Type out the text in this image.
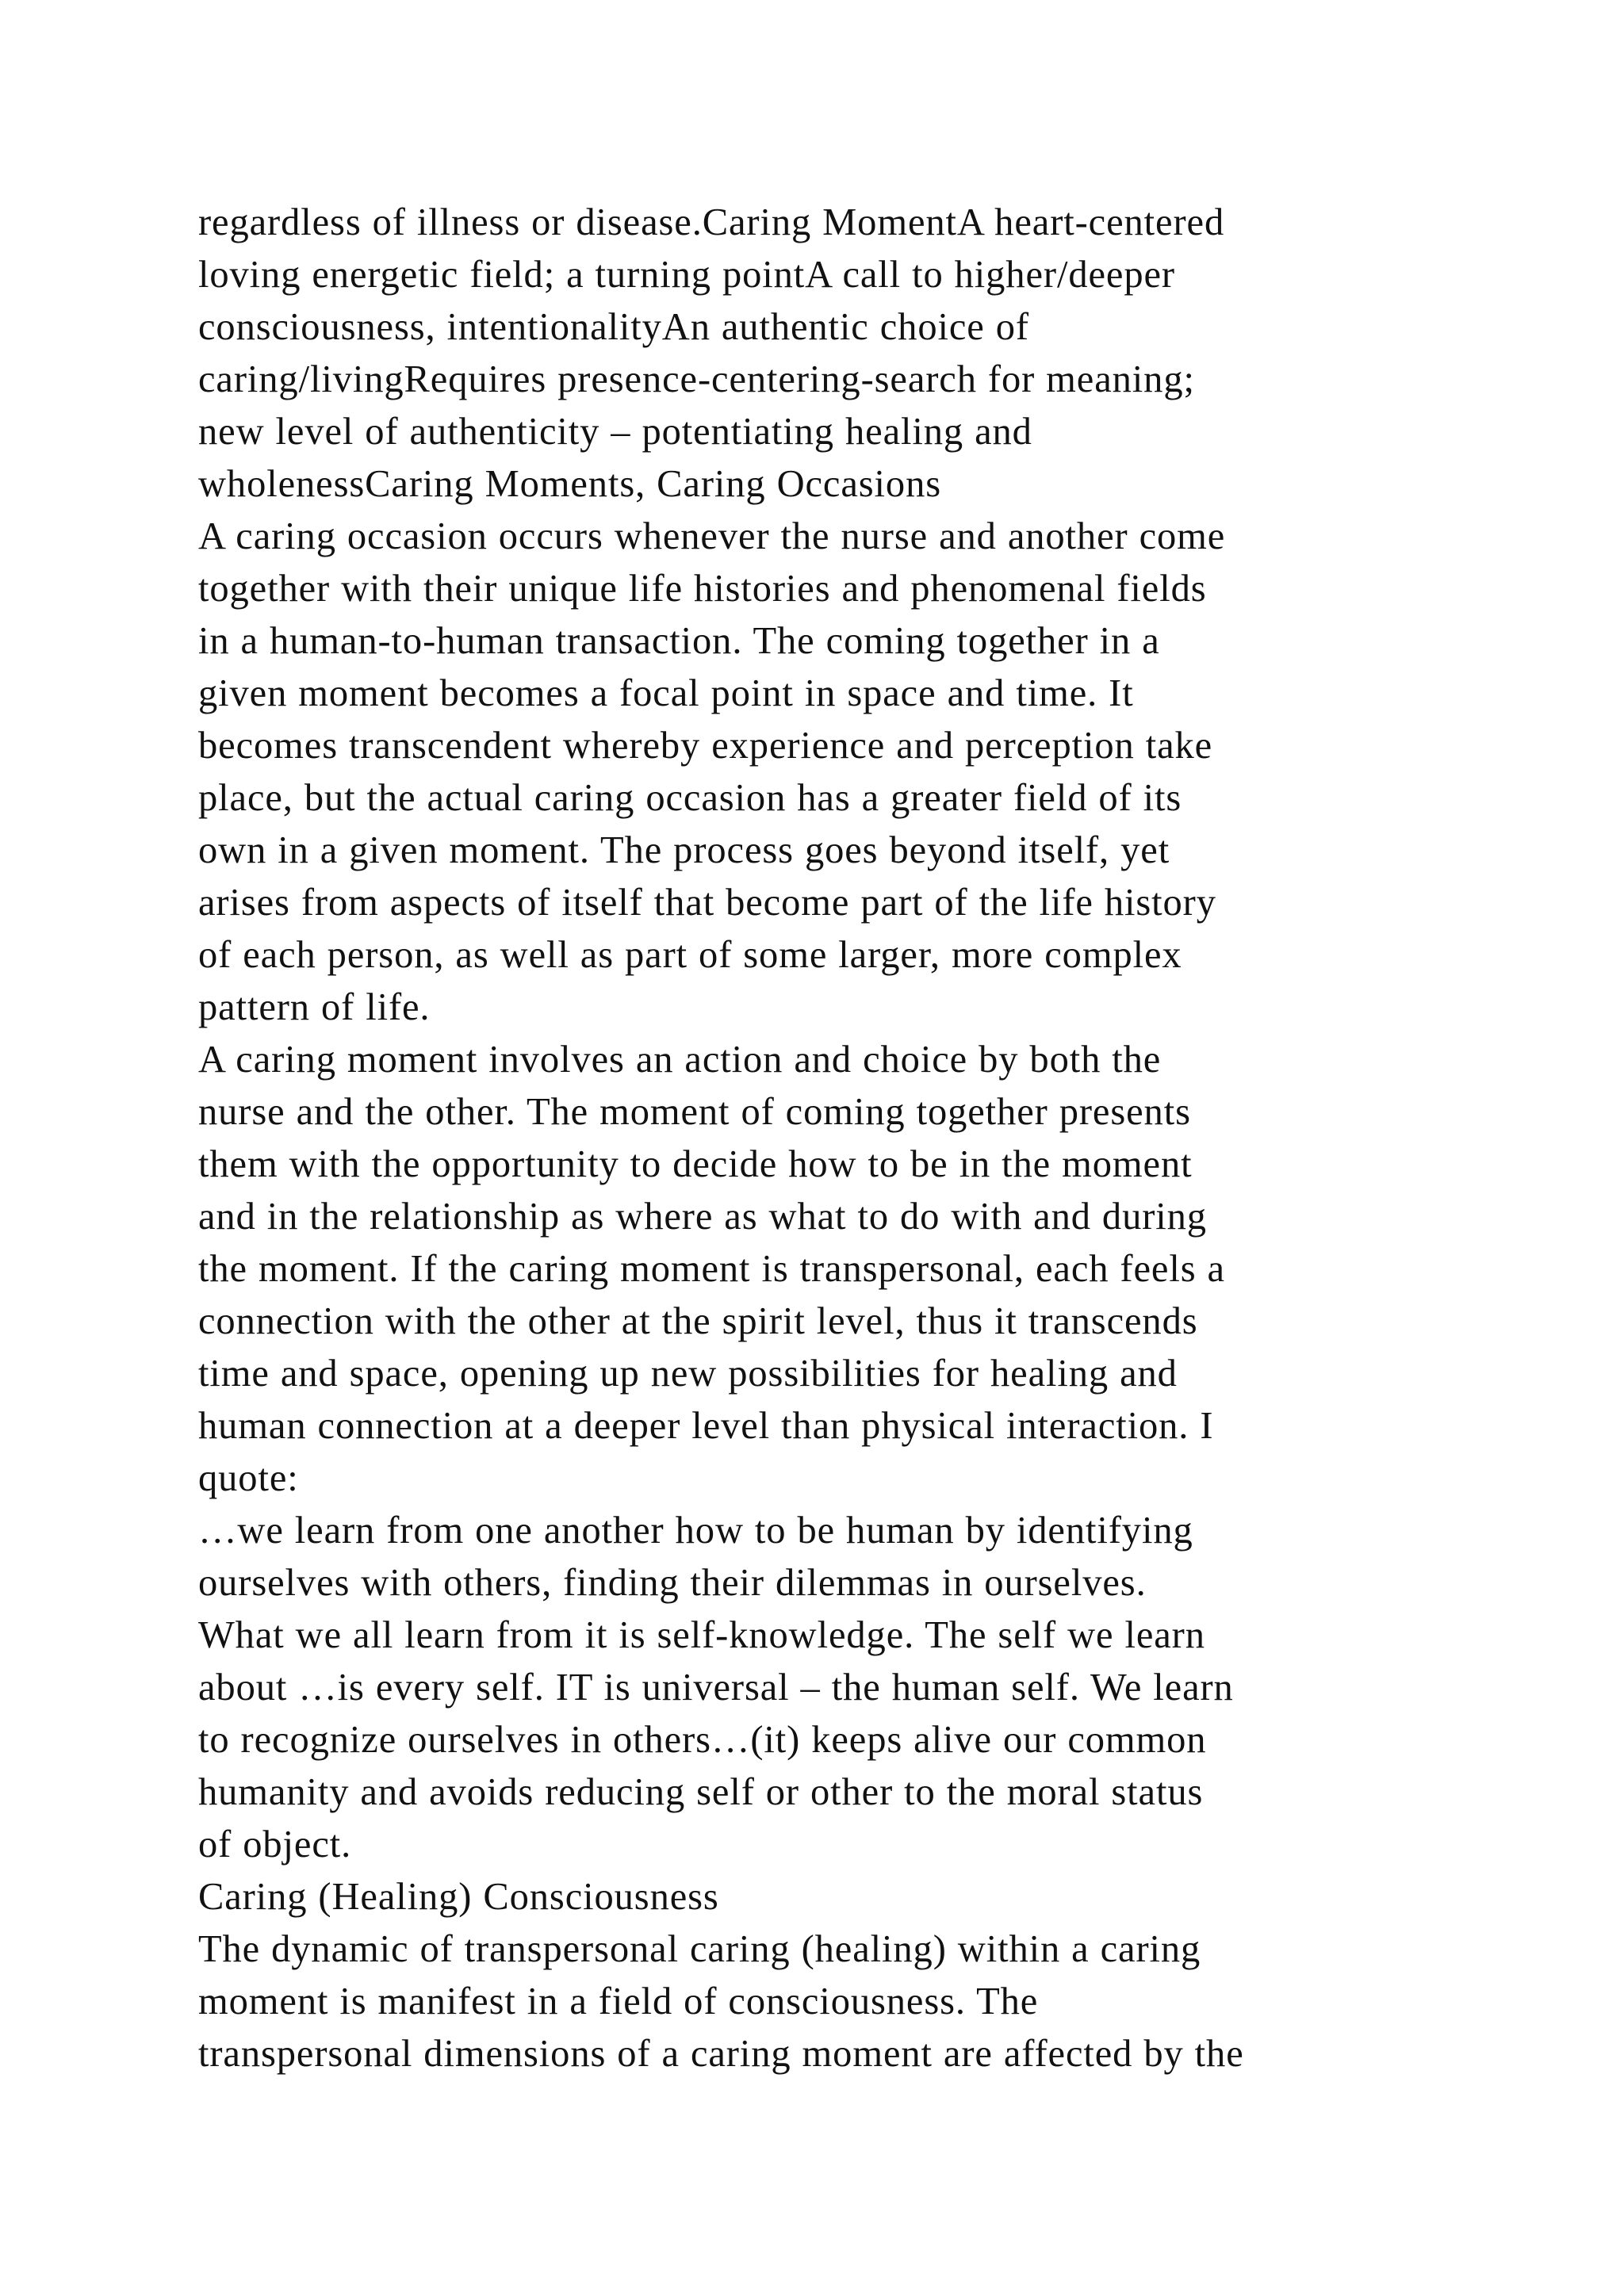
regardless of illness or disease.Caring MomentA heart-centered
loving energetic field; a turning pointA call to higher/deeper
consciousness, intentionalityAn authentic choice of
caring/livingRequires presence-centering-search for meaning;
new level of authenticity – potentiating healing and
wholenessCaring Moments, Caring Occasions
A caring occasion occurs whenever the nurse and another come
together with their unique life histories and phenomenal fields
in a human-to-human transaction. The coming together in a
given moment becomes a focal point in space and time. It
becomes transcendent whereby experience and perception take
place, but the actual caring occasion has a greater field of its
own in a given moment. The process goes beyond itself, yet
arises from aspects of itself that become part of the life history
of each person, as well as part of some larger, more complex
pattern of life.
A caring moment involves an action and choice by both the
nurse and the other. The moment of coming together presents
them with the opportunity to decide how to be in the moment
and in the relationship as where as what to do with and during
the moment. If the caring moment is transpersonal, each feels a
connection with the other at the spirit level, thus it transcends
time and space, opening up new possibilities for healing and
human connection at a deeper level than physical interaction. I
quote:
…we learn from one another how to be human by identifying
ourselves with others, finding their dilemmas in ourselves.
What we all learn from it is self-knowledge. The self we learn
about …is every self. IT is universal – the human self. We learn
to recognize ourselves in others…(it) keeps alive our common
humanity and avoids reducing self or other to the moral status
of object.
Caring (Healing) Consciousness
The dynamic of transpersonal caring (healing) within a caring
moment is manifest in a field of consciousness. The
transpersonal dimensions of a caring moment are affected by the
